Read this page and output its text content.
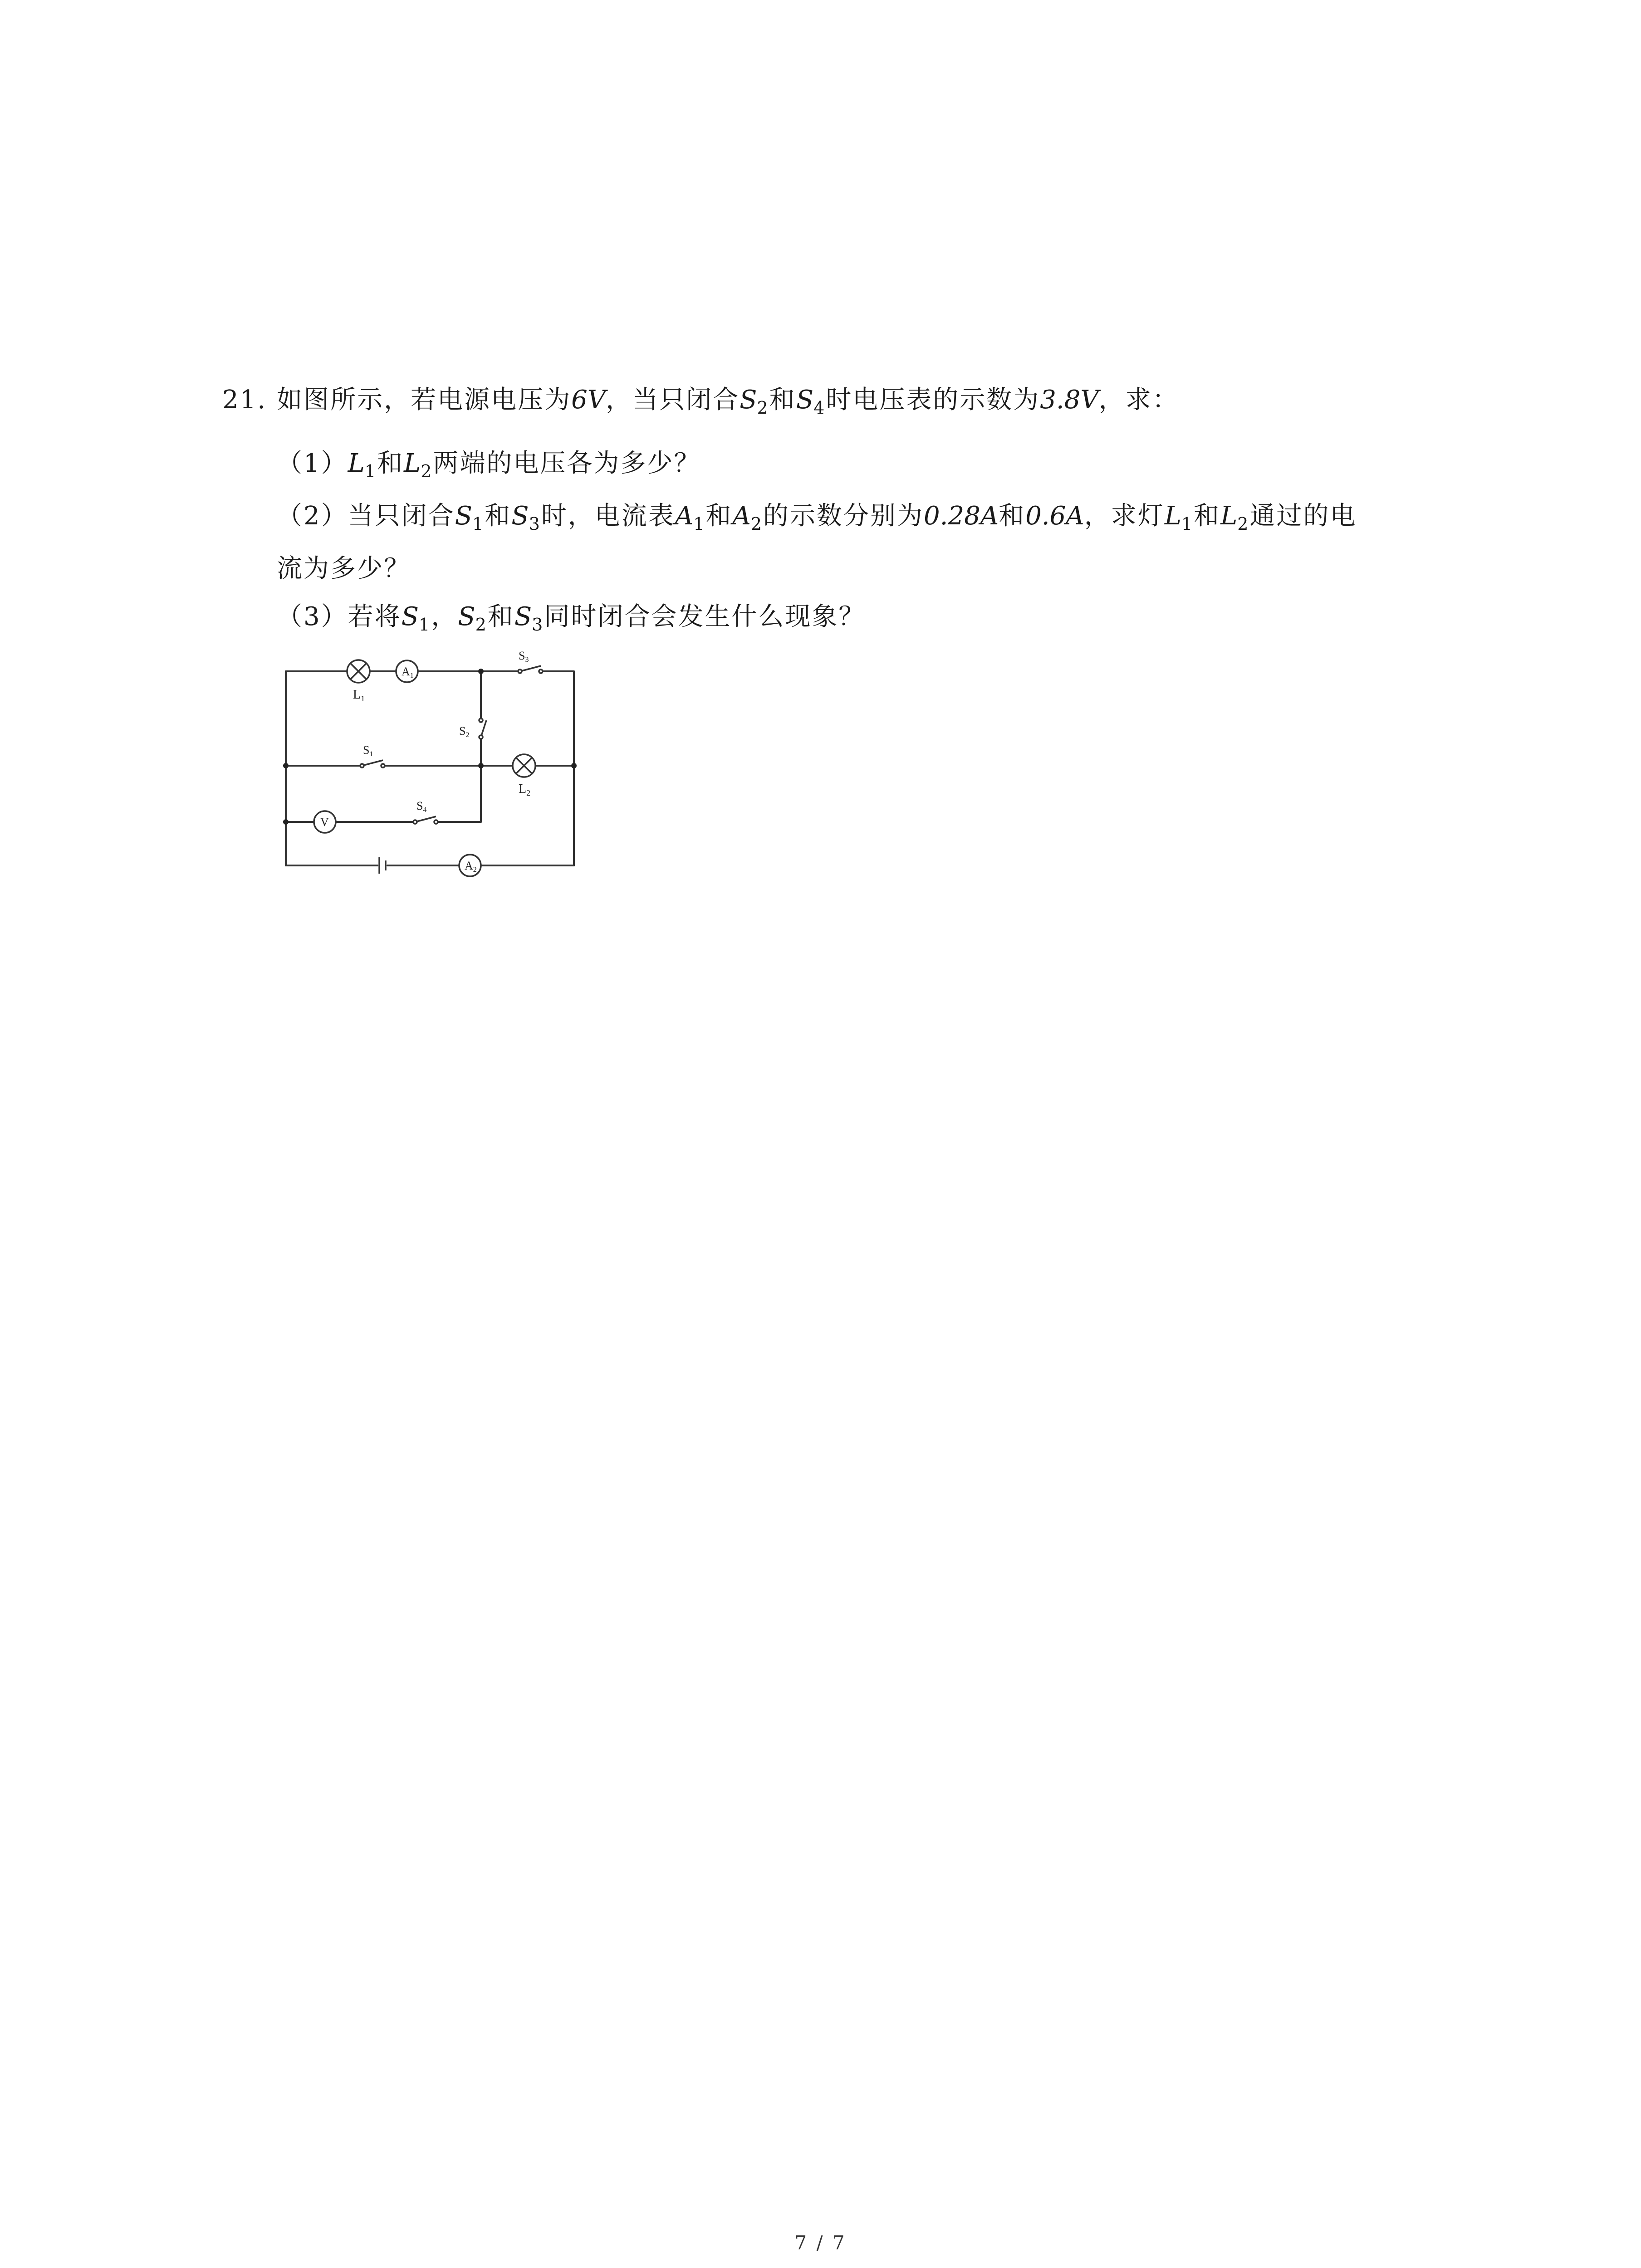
21. 如图所示，若电源电压为6V，当只闭合$S_2$和$S_4$时电压表的示数为3.8V，求：
$(1)L_1$和$L_2$两端的电压各为多少？
（2）当只闭合$S_1$和$S_3$时，电流表$A_1$和$A_2$的示数分别为0.28A和0.6A，求灯$L_1$和$L_2$通过的电
流为多少？
（3）若将$S_1$，$S_2$和$S_3$同时闭合会发生什么现象？
A1
V
A2
$L_1$
$L_2$
S3
S2
S1
S4
7 / 7
